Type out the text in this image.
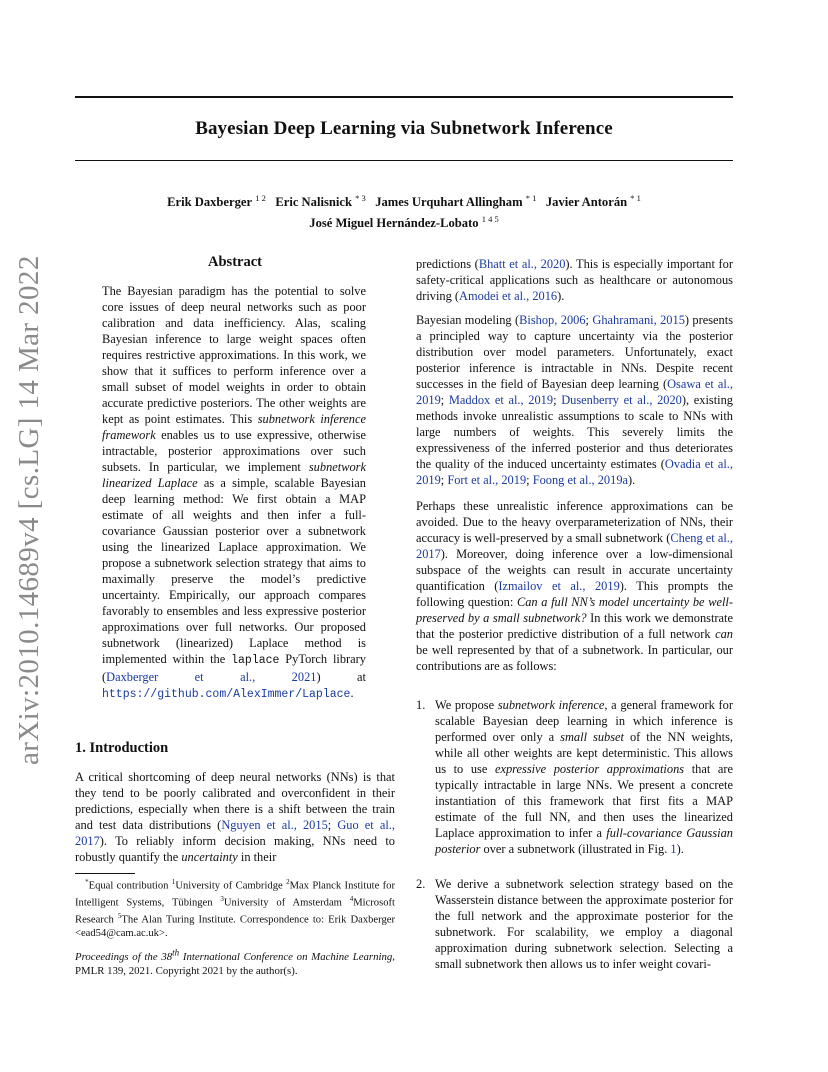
Bayesian Deep Learning via Subnetwork Inference
Erik Daxberger $^{1 2}$ Eric Nalisnick $^{* 3}$ James Urquhart Allingham $^{* 1}$ Javier Antorán $^{* 1}$
José Miguel Hernández-Lobato $^{1 4 5}$
arXiv:2010.14689v4 [cs.LG] 14 Mar 2022	Abstract
The Bayesian paradigm has the potential to solve core issues of deep neural networks such as poor calibration and data inefficiency. Alas, scaling Bayesian inference to large weight spaces often requires restrictive approximations. In this work, we show that it suffices to perform inference over a small subset of model weights in order to obtain accurate predictive posteriors. The other weights are kept as point estimates. This subnetwork inference framework enables us to use expressive, otherwise intractable, posterior approximations over such subsets. In particular, we implement subnetwork linearized Laplace as a simple, scalable Bayesian deep learning method: We first obtain a MAP estimate of all weights and then infer a full-covariance Gaussian posterior over a subnetwork using the linearized Laplace approximation. We propose a subnetwork selection strategy that aims to maximally preserve the model’s predictive uncertainty. Empirically, our approach compares favorably to ensembles and less expressive posterior approximations over full networks. Our proposed subnetwork (linearized) Laplace method is implemented within the laplace PyTorch library (Daxberger et al., 2021) at https://github.com/AlexImmer/Laplace.
1. Introduction
A critical shortcoming of deep neural networks (NNs) is that they tend to be poorly calibrated and overconfident in their predictions, especially when there is a shift between the train and test data distributions (Nguyen et al., 2015; Guo et al., 2017). To reliably inform decision making, NNs need to robustly quantify the uncertainty in their
*Equal contribution $^1$University of Cambridge $^2$Max Planck Institute for Intelligent Systems, Tübingen $^3$University of Amsterdam $^4$Microsoft Research $^5$The Alan Turing Institute. Correspondence to: Erik Daxberger <ead54@cam.ac.uk>.
Proceedings of the 38th International Conference on Machine Learning, PMLR 139, 2021. Copyright 2021 by the author(s).
predictions (Bhatt et al., 2020). This is especially important for safety-critical applications such as healthcare or autonomous driving (Amodei et al., 2016).
Bayesian modeling (Bishop, 2006; Ghahramani, 2015) presents a principled way to capture uncertainty via the posterior distribution over model parameters. Unfortunately, exact posterior inference is intractable in NNs. Despite recent successes in the field of Bayesian deep learning (Osawa et al., 2019; Maddox et al., 2019; Dusenberry et al., 2020), existing methods invoke unrealistic assumptions to scale to NNs with large numbers of weights. This severely limits the expressiveness of the inferred posterior and thus deteriorates the quality of the induced uncertainty estimates (Ovadia et al., 2019; Fort et al., 2019; Foong et al., 2019a).
Perhaps these unrealistic inference approximations can be avoided. Due to the heavy overparameterization of NNs, their accuracy is well-preserved by a small subnetwork (Cheng et al., 2017). Moreover, doing inference over a low-dimensional subspace of the weights can result in accurate uncertainty quantification (Izmailov et al., 2019). This prompts the following question: Can a full NN’s model uncertainty be well-preserved by a small subnetwork? In this work we demonstrate that the posterior predictive distribution of a full network can be well represented by that of a subnetwork. In particular, our contributions are as follows:
1. We propose subnetwork inference, a general framework for scalable Bayesian deep learning in which inference is performed over only a small subset of the NN weights, while all other weights are kept deterministic. This allows us to use expressive posterior approximations that are typically intractable in large NNs. We present a concrete instantiation of this framework that first fits a MAP estimate of the full NN, and then uses the linearized Laplace approximation to infer a full-covariance Gaussian posterior over a subnetwork (illustrated in Fig. 1).
2. We derive a subnetwork selection strategy based on the Wasserstein distance between the approximate posterior for the full network and the approximate posterior for the subnetwork. For scalability, we employ a diagonal approximation during subnetwork selection. Selecting a small subnetwork then allows us to infer weight covari-
